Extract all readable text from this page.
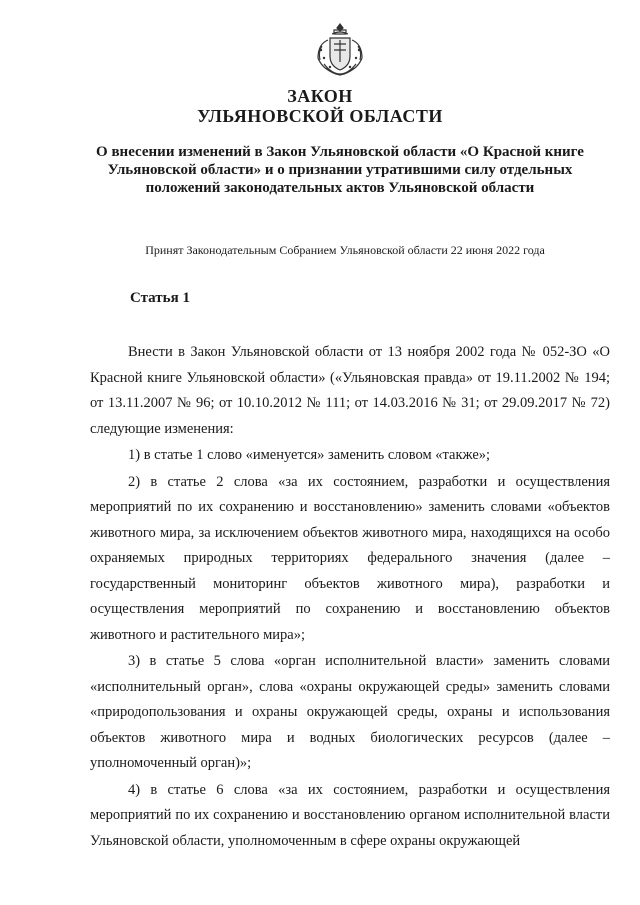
ЗАКОН
УЛЬЯНОВСКОЙ ОБЛАСТИ
О внесении изменений в Закон Ульяновской области «О Красной книге Ульяновской области» и о признании утратившими силу отдельных положений законодательных актов Ульяновской области
Принят Законодательным Собранием Ульяновской области 22 июня 2022 года
Статья 1

Внести в Закон Ульяновской области от 13 ноября 2002 года № 052-ЗО «О Красной книге Ульяновской области» («Ульяновская правда» от 19.11.2002 № 194; от 13.11.2007 № 96; от 10.10.2012 № 111; от 14.03.2016 № 31; от 29.09.2017 № 72) следующие изменения:

1) в статье 1 слово «именуется» заменить словом «также»;

2) в статье 2 слова «за их состоянием, разработки и осуществления мероприятий по их сохранению и восстановлению» заменить словами «объектов животного мира, за исключением объектов животного мира, находящихся на особо охраняемых природных территориях федерального значения (далее – государственный мониторинг объектов животного мира), разработки и осуществления мероприятий по сохранению и восстановлению объектов животного и растительного мира»;

3) в статье 5 слова «орган исполнительной власти» заменить словами «исполнительный орган», слова «охраны окружающей среды» заменить словами «природопользования и охраны окружающей среды, охраны и использования объектов животного мира и водных биологических ресурсов (далее – уполномоченный орган)»;

4) в статье 6 слова «за их состоянием, разработки и осуществления мероприятий по их сохранению и восстановлению органом исполнительной власти Ульяновской области, уполномоченным в сфере охраны окружающей
